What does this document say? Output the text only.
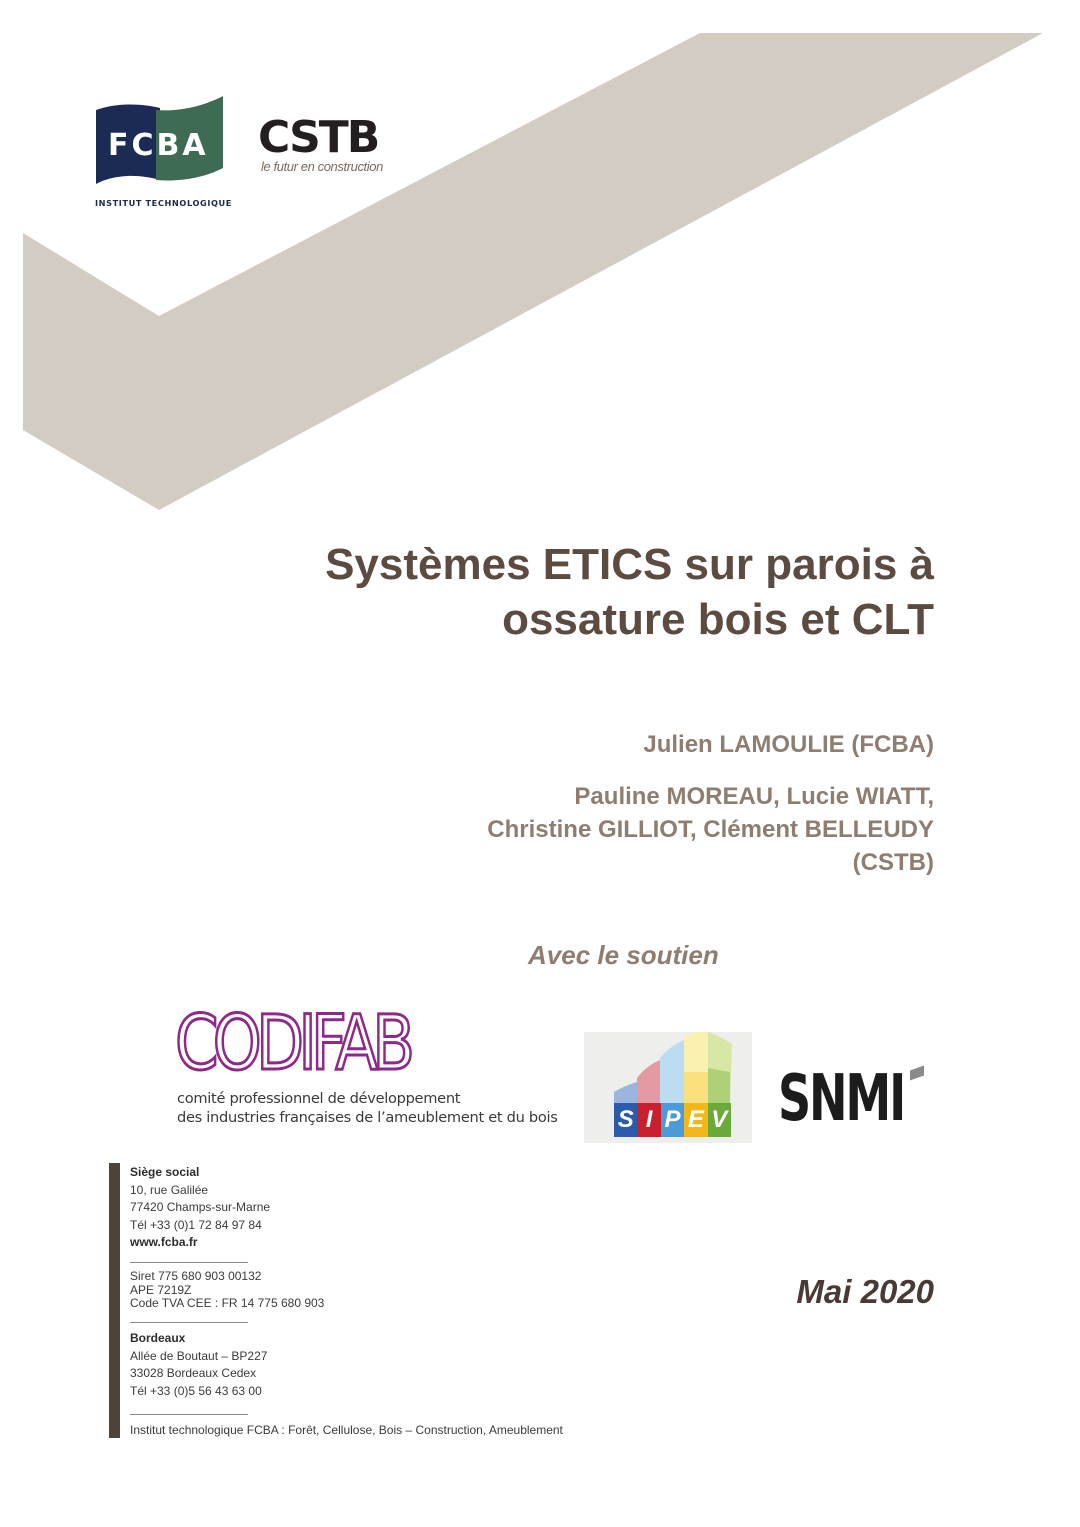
FCBA
INSTITUT TECHNOLOGIQUE
CSTB
le futur en construction
Systèmes ETICS sur parois à
ossature bois et CLT
Julien LAMOULIE (FCBA)
Pauline MOREAU, Lucie WIATT,
Christine GILLIOT, Clément BELLEUDY
(CSTB)
Avec le soutien
CODIFAB
comité professionnel de développement
des industries françaises de l’ameublement et du bois	S I P E V SNMI
Siège social
10, rue Galilée
77420 Champs-sur-Marne
Tél +33 (0)1 72 84 97 84
www.fcba.fr
Siret 775 680 903 00132
APE 7219Z
Code TVA CEE : FR 14 775 680 903
Bordeaux
Allée de Boutaut – BP227
33028 Bordeaux Cedex
Tél +33 (0)5 56 43 63 00
Institut technologique FCBA : Forêt, Cellulose, Bois – Construction, Ameublement
Mai 2020
